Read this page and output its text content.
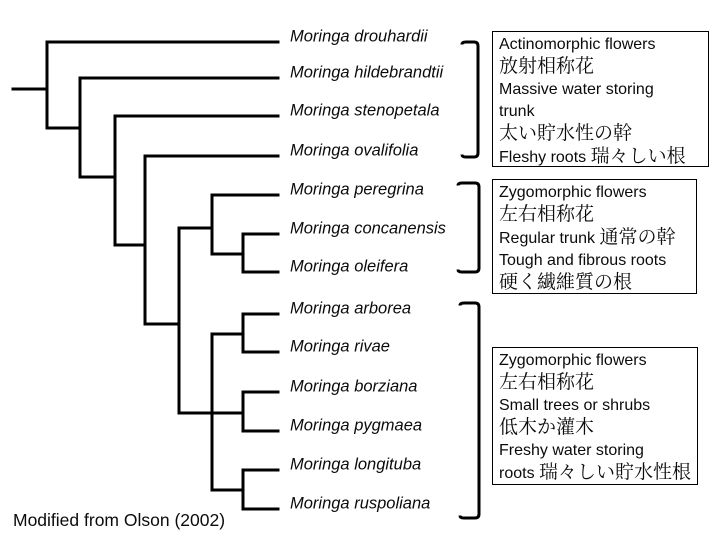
Moringa drouhardii
Moringa hildebrandtii
Moringa stenopetala
Moringa ovalifolia
Moringa peregrina
Moringa concanensis
Moringa oleifera
Moringa arborea
Moringa rivae
Moringa borziana
Moringa pygmaea
Moringa longituba
Moringa ruspoliana
Actinomorphic flowers
放射相称花
Massive water storing
trunk
太い貯水性の幹
Fleshy roots 瑞々しい根
Zygomorphic flowers
左右相称花
Regular trunk 通常の幹
Tough and fibrous roots
硬く繊維質の根
Zygomorphic flowers
左右相称花
Small trees or shrubs
低木か灌木
Freshy water storing
roots 瑞々しい貯水性根
Modified from Olson (2002)
